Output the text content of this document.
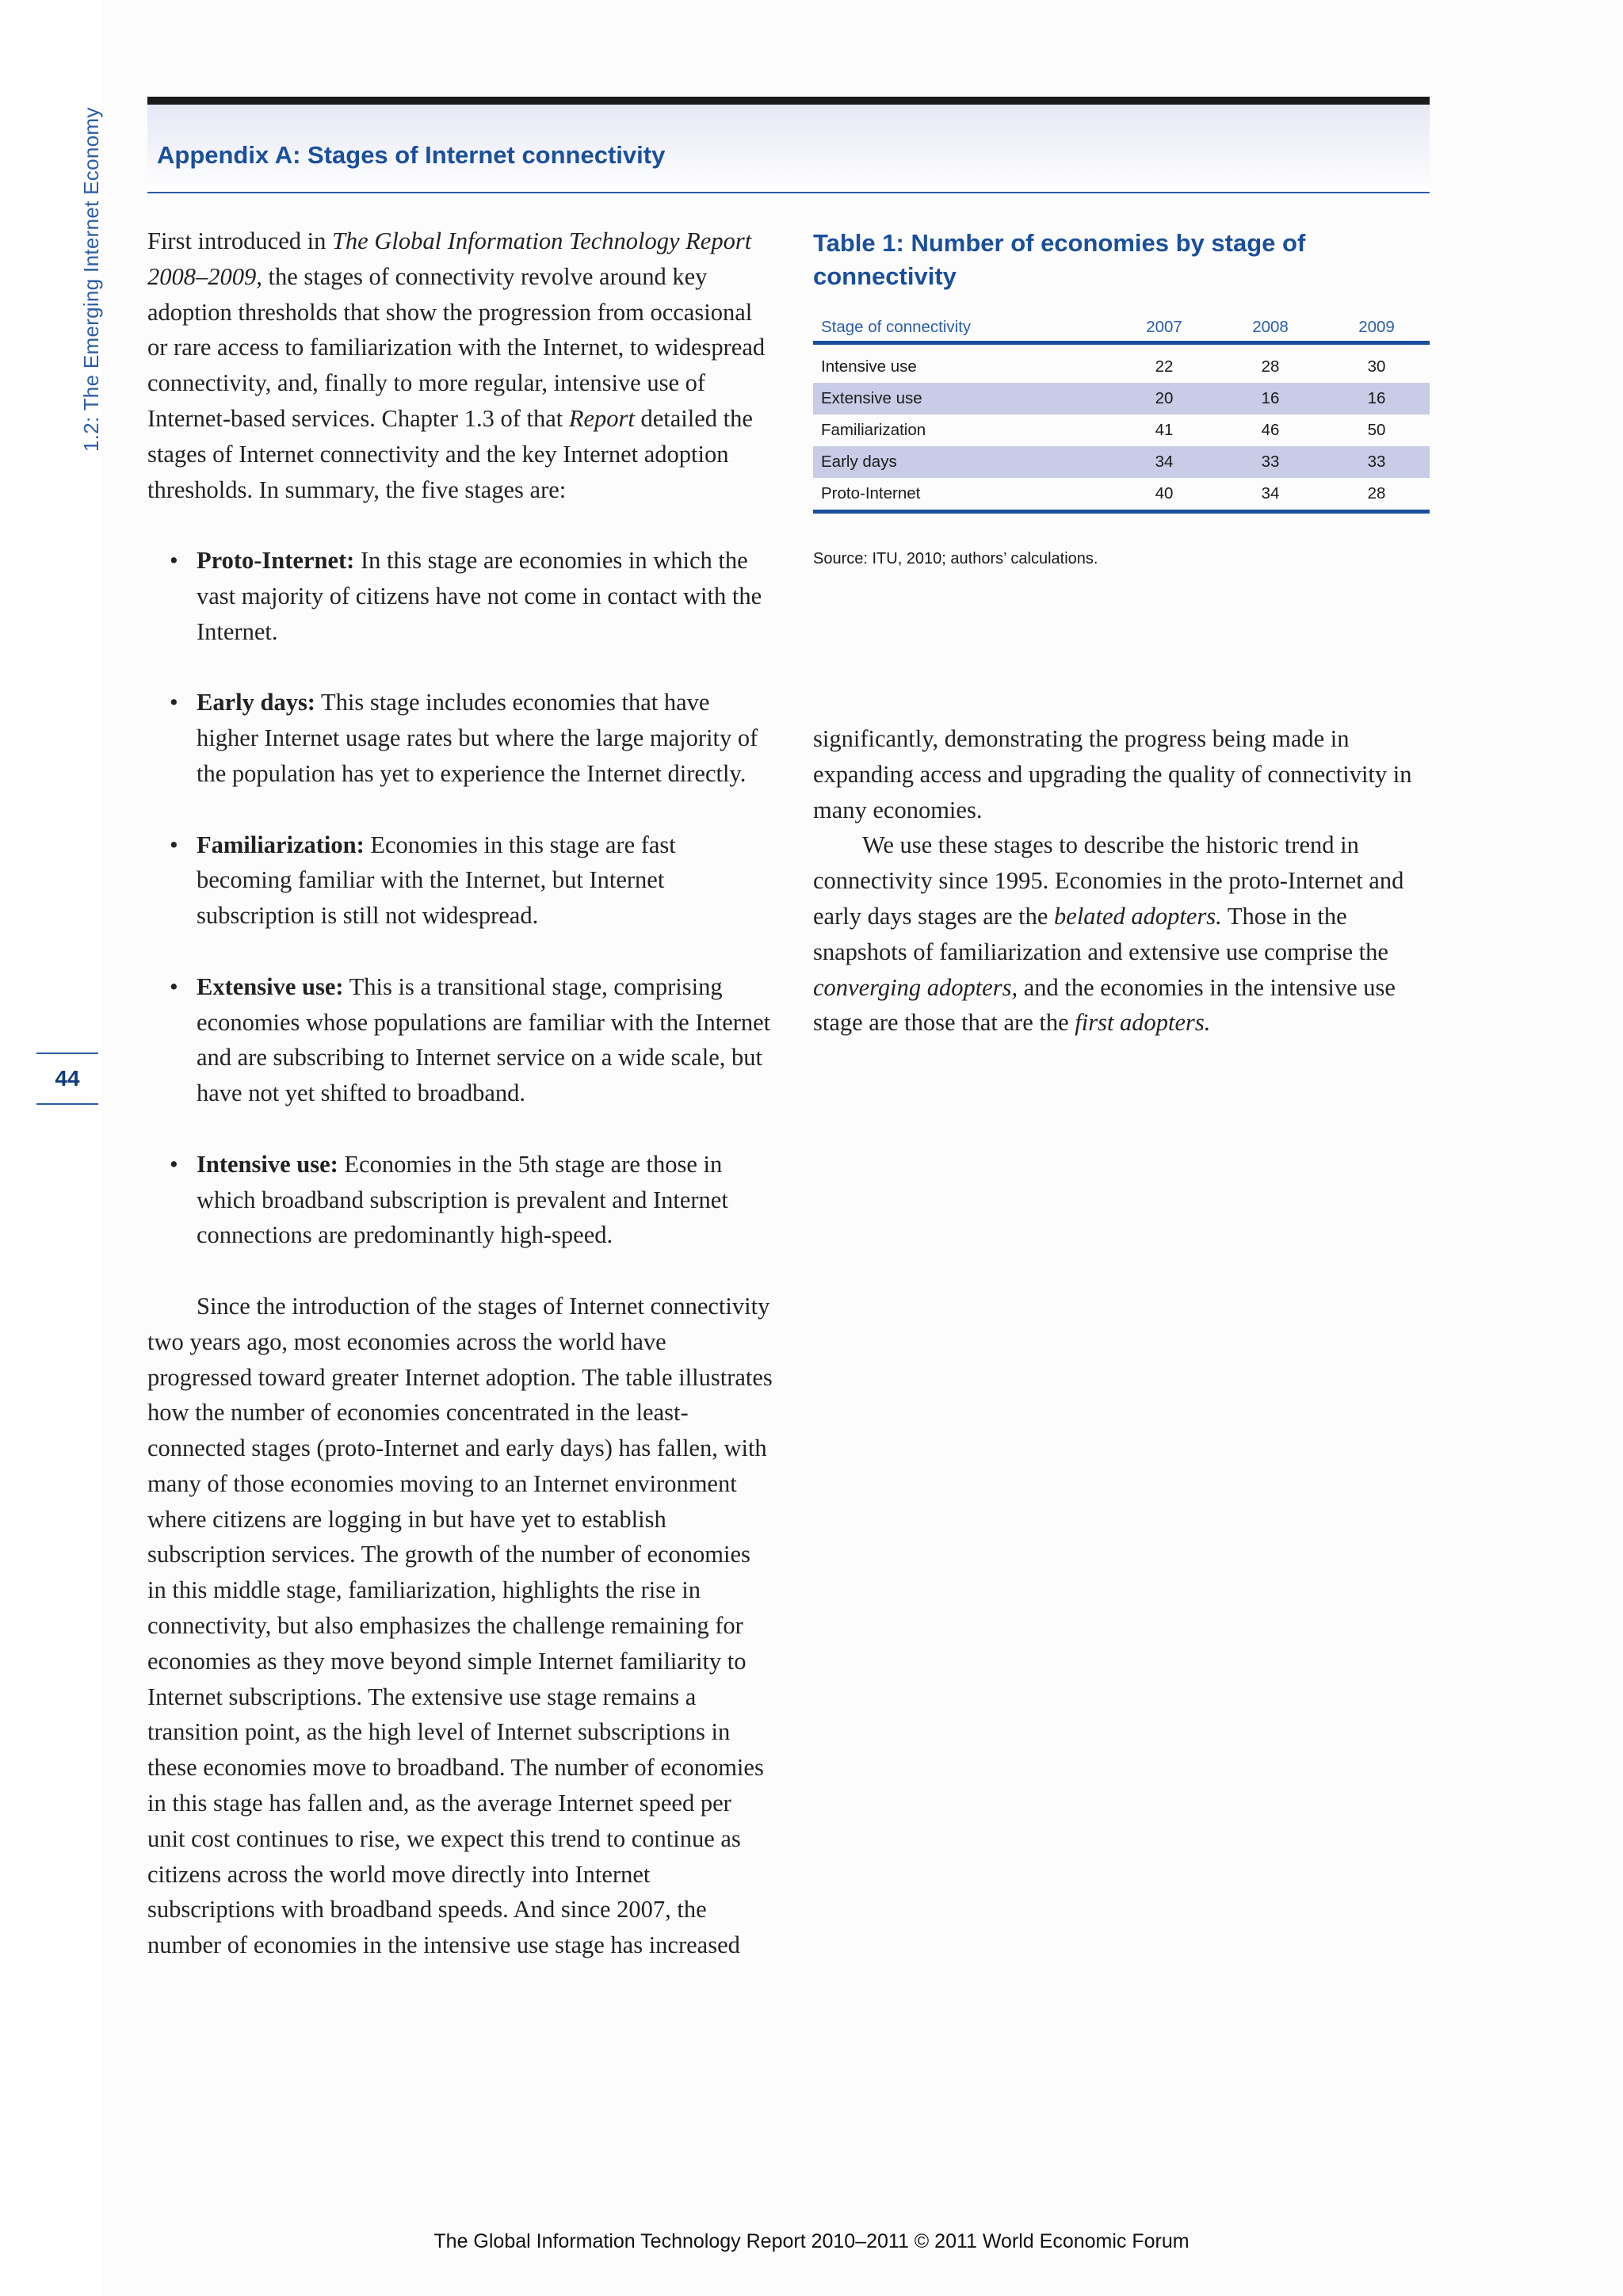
1.2: The Emerging Internet Economy
44
Appendix A: Stages of Internet connectivity

First introduced in The Global Information Technology Report 2008–2009, the stages of connectivity revolve around key adoption thresholds that show the progression from occasional or rare access to familiarization with the Internet, to widespread connectivity, and, finally to more regular, intensive use of Internet-based services. Chapter 1.3 of that Report detailed the stages of Internet connectivity and the key Internet adoption thresholds. In summary, the five stages are:

• Proto-Internet: In this stage are economies in which the vast majority of citizens have not come in contact with the Internet.
• Early days: This stage includes economies that have higher Internet usage rates but where the large majority of the population has yet to experience the Internet directly.
• Familiarization: Economies in this stage are fast becoming familiar with the Internet, but Internet subscription is still not widespread.
• Extensive use: This is a transitional stage, comprising economies whose populations are familiar with the Internet and are subscribing to Internet service on a wide scale, but have not yet shifted to broadband.
• Intensive use: Economies in the 5th stage are those in which broadband subscription is prevalent and Internet connections are predominantly high-speed.

Since the introduction of the stages of Internet connectivity two years ago, most economies across the world have progressed toward greater Internet adoption. The table illustrates how the number of economies concentrated in the least-connected stages (proto-Internet and early days) has fallen, with many of those economies moving to an Internet environment where citizens are logging in but have yet to establish subscription services. The growth of the number of economies in this middle stage, familiarization, highlights the rise in connectivity, but also emphasizes the challenge remaining for economies as they move beyond simple Internet familiarity to Internet subscriptions. The extensive use stage remains a transition point, as the high level of Internet subscriptions in these economies move to broadband. The number of economies in this stage has fallen and, as the average Internet speed per unit cost continues to rise, we expect this trend to continue as citizens across the world move directly into Internet subscriptions with broadband speeds. And since 2007, the number of economies in the intensive use stage has increased

Table 1: Number of economies by stage of connectivity
Stage of connectivity	2007	2008	2009
Intensive use	22	28	30
Extensive use	20	16	16
Familiarization	41	46	50
Early days	34	33	33
Proto-Internet	40	34	28
Source: ITU, 2010; authors’ calculations.

significantly, demonstrating the progress being made in expanding access and upgrading the quality of connectivity in many economies.

We use these stages to describe the historic trend in connectivity since 1995. Economies in the proto-Internet and early days stages are the belated adopters. Those in the snapshots of familiarization and extensive use comprise the converging adopters, and the economies in the intensive use stage are those that are the first adopters.

The Global Information Technology Report 2010–2011 © 2011 World Economic Forum
